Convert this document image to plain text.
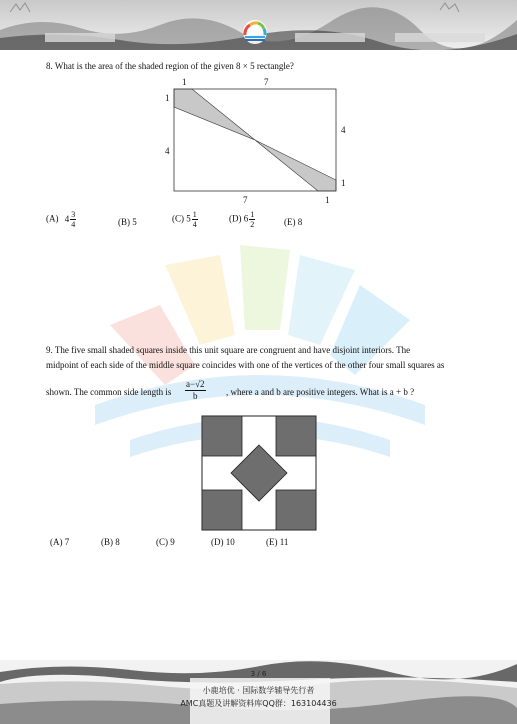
8. What is the area of the shaded region of the given 8 × 5 rectangle?
1	7
1
4
4
1
7	1
(A) $4 \frac{3}{4}$	(B) 5	(C) $5 \frac{1}{4}$	(D) $6 \frac{1}{2}$	(E) 8
9. The five small shaded squares inside this unit square are congruent and have disjoint interiors. The
midpoint of each side of the middle square coincides with one of the vertices of the other four small squares as
shown. The common side length is $\frac{a-√2}{b}$ , where a and b are positive integers. What is a + b ?
(A) 7	(B) 8	(C) 9	(D) 10	(E) 11
3 / 6
小鹿培优 · 国际数学辅导先行者
AMC真题及讲解资料库QQ群：163104436
